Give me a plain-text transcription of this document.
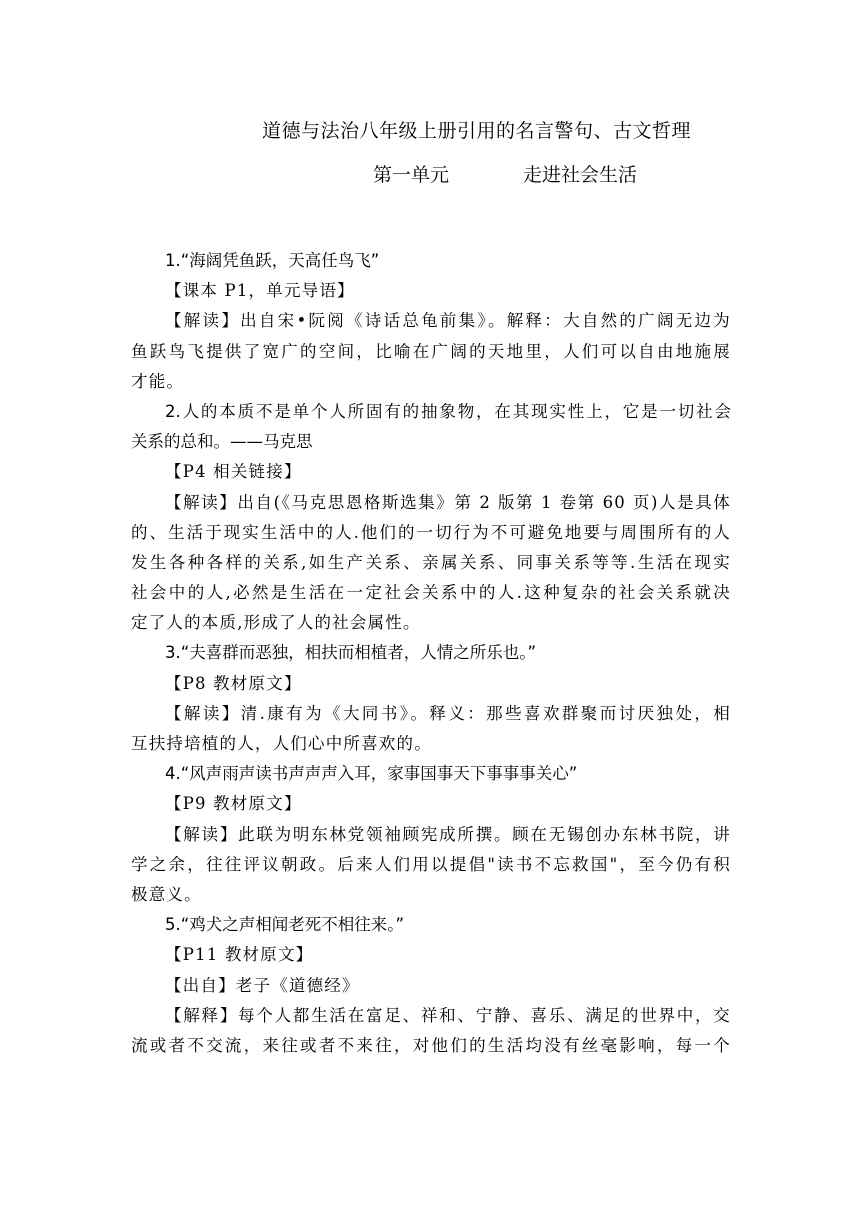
道德与法治八年级上册引用的名言警句、古文哲理
第一单元	走进社会生活
1.“海阔凭鱼跃，天高任鸟飞”
【课本 P1，单元导语】
【解读】出自宋•阮阅《诗话总龟前集》。解释：大自然的广阔无边为
鱼跃鸟飞提供了宽广的空间，比喻在广阔的天地里，人们可以自由地施展
才能。
2.人的本质不是单个人所固有的抽象物，在其现实性上，它是一切社会
关系的总和。——马克思
【P4 相关链接】
【解读】出自(《马克思恩格斯选集》第 2 版第 1 卷第 60 页)人是具体
的、生活于现实生活中的人.他们的一切行为不可避免地要与周围所有的人
发生各种各样的关系,如生产关系、亲属关系、同事关系等等.生活在现实
社会中的人,必然是生活在一定社会关系中的人.这种复杂的社会关系就决
定了人的本质,形成了人的社会属性。
3.“夫喜群而恶独，相扶而相植者，人情之所乐也。”
【P8 教材原文】
【解读】清.康有为《大同书》。释义：那些喜欢群聚而讨厌独处，相
互扶持培植的人，人们心中所喜欢的。
4.“风声雨声读书声声声入耳，家事国事天下事事事关心”
【P9 教材原文】
【解读】此联为明东林党领袖顾宪成所撰。顾在无锡创办东林书院，讲
学之余，往往评议朝政。后来人们用以提倡"读书不忘救国"，至今仍有积
极意义。
5.“鸡犬之声相闻老死不相往来。”
【P11 教材原文】
【出自】老子《道德经》
【解释】每个人都生活在富足、祥和、宁静、喜乐、满足的世界中，交
流或者不交流，来往或者不来往，对他们的生活均没有丝毫影响，每一个
